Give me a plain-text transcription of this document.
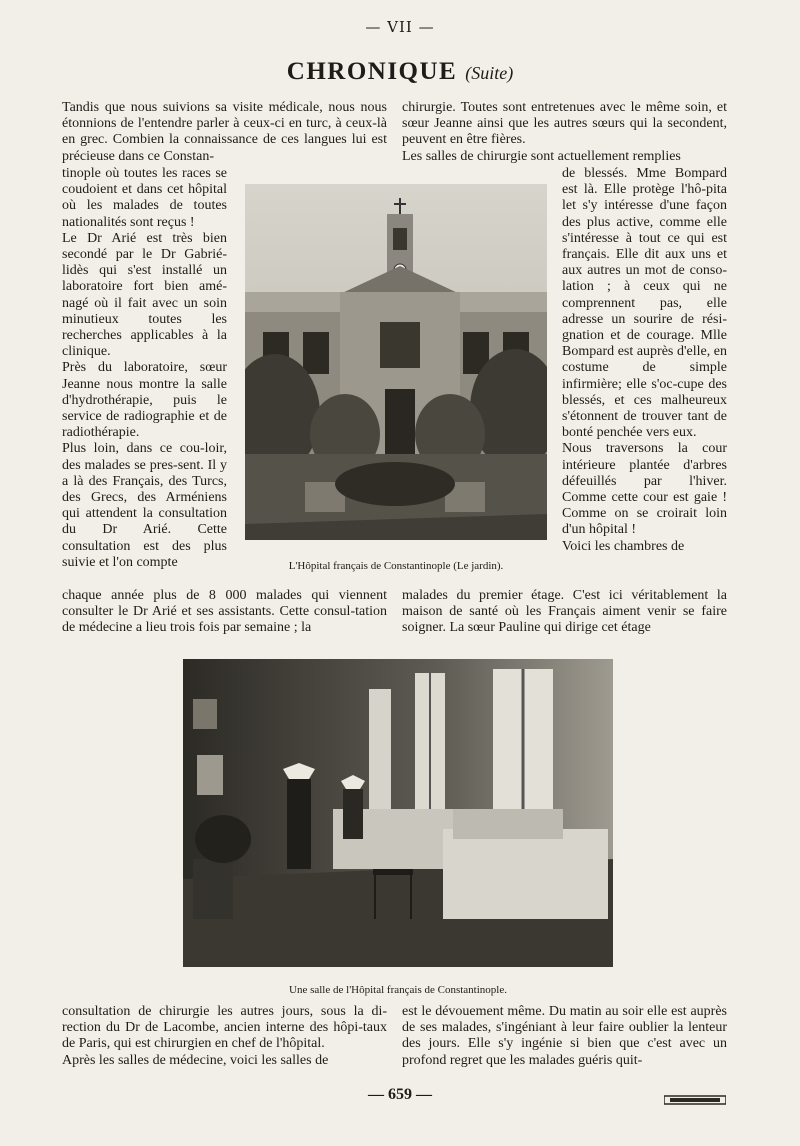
— VII —
CHRONIQUE (Suite)
Tandis que nous suivions sa visite médicale, nous nous étonnions de l'entendre parler à ceux-ci en turc, à ceux-là en grec. Combien la connaissance de ces langues lui est précieuse dans ce Constan-
tinople où toutes les races se coudoient et dans cet hôpital où les malades de toutes nationalités sont reçus !
Le Dr Arié est très bien secondé par le Dr Gabrié-lidès qui s'est installé un laboratoire fort bien amé-nagé où il fait avec un soin minutieux toutes les recherches applicables à la clinique.
Près du laboratoire, sœur Jeanne nous montre la salle d'hydrothérapie, puis le service de radiographie et de radiothérapie.
Plus loin, dans ce cou-loir, des malades se pres-sent. Il y a là des Français, des Turcs, des Grecs, des Arméniens qui attendent la consultation du Dr Arié. Cette consultation est des plus suivie et l'on compte
chaque année plus de 8 000 malades qui viennent consulter le Dr Arié et ses assistants. Cette consul-tation de médecine a lieu trois fois par semaine ; la
chirurgie. Toutes sont entretenues avec le même soin, et sœur Jeanne ainsi que les autres sœurs qui la secondent, peuvent en être fières.
Les salles de chirurgie sont actuellement remplies
de blessés. Mme Bompard est là. Elle protège l'hô-pita let s'y intéresse d'une façon des plus active, comme elle s'intéresse à tout ce qui est français. Elle dit aux uns et aux autres un mot de conso-lation ; à ceux qui ne comprennent pas, elle adresse un sourire de rési-gnation et de courage. Mlle Bompard est auprès d'elle, en costume de simple infirmière; elle s'oc-cupe des blessés, et ces malheureux s'étonnent de trouver tant de bonté penchée vers eux.
Nous traversons la cour intérieure plantée d'arbres défeuillés par l'hiver. Comme cette cour est gaie ! Comme on se croirait loin d'un hôpital !
Voici les chambres de
malades du premier étage. C'est ici véritablement la maison de santé où les Français aiment venir se faire soigner. La sœur Pauline qui dirige cet étage
L'Hôpital français de Constantinople (Le jardin).
Une salle de l'Hôpital français de Constantinople.
consultation de chirurgie les autres jours, sous la di-rection du Dr de Lacombe, ancien interne des hôpi-taux de Paris, qui est chirurgien en chef de l'hôpital.
Après les salles de médecine, voici les salles de
est le dévouement même. Du matin au soir elle est auprès de ses malades, s'ingéniant à leur faire oublier la lenteur des jours. Elle s'y ingénie si bien que c'est avec un profond regret que les malades guéris quit-
— 659 —
